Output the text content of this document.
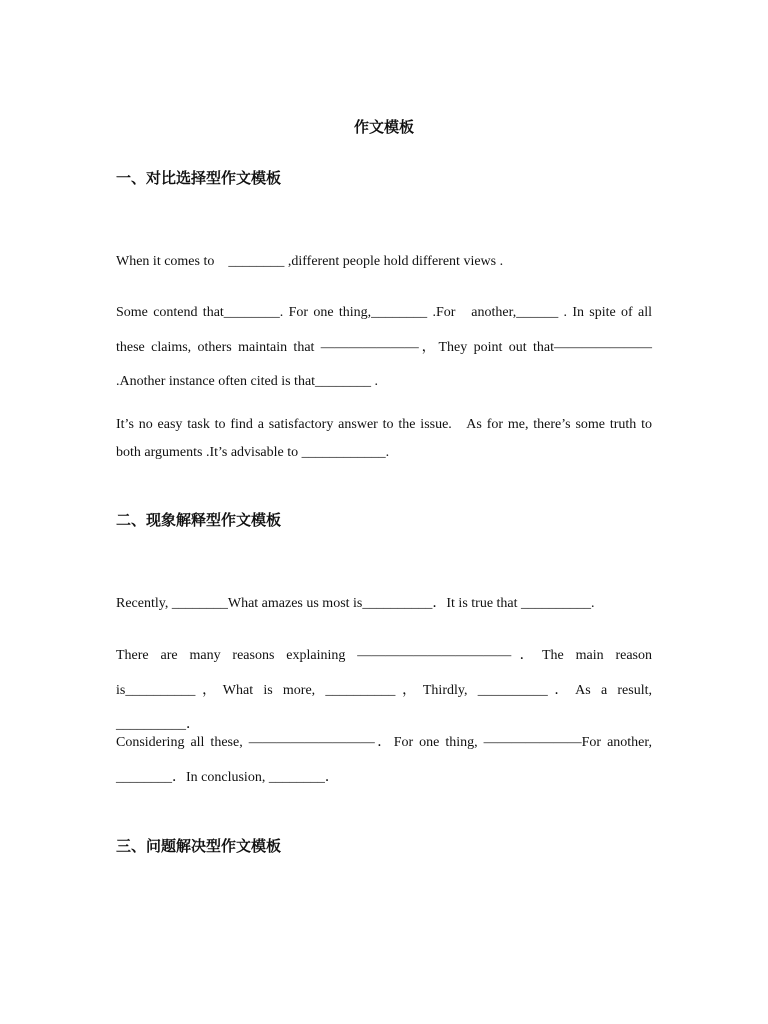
作文模板
一、对比选择型作文模板

When it comes to    ________ ,different people hold different views .

Some contend that________. For one thing,________ .For   another,______ . In spite of all these claims, others maintain that ———————，They point out that——————— .Another instance often cited is that________ .

It’s no easy task to find a satisfactory answer to the issue.   As for me, there’s some truth to both arguments .It’s advisable to ____________.

二、现象解释型作文模板

Recently, ________What amazes us most is__________．It is true that __________.

There are many reasons explaining ———————————．The main reason is__________，What is more, __________，Thirdly, __________．As a result, __________．

Considering all these, —————————．For one thing, ———————For another, ________．In conclusion, ________．

三、问题解决型作文模板
